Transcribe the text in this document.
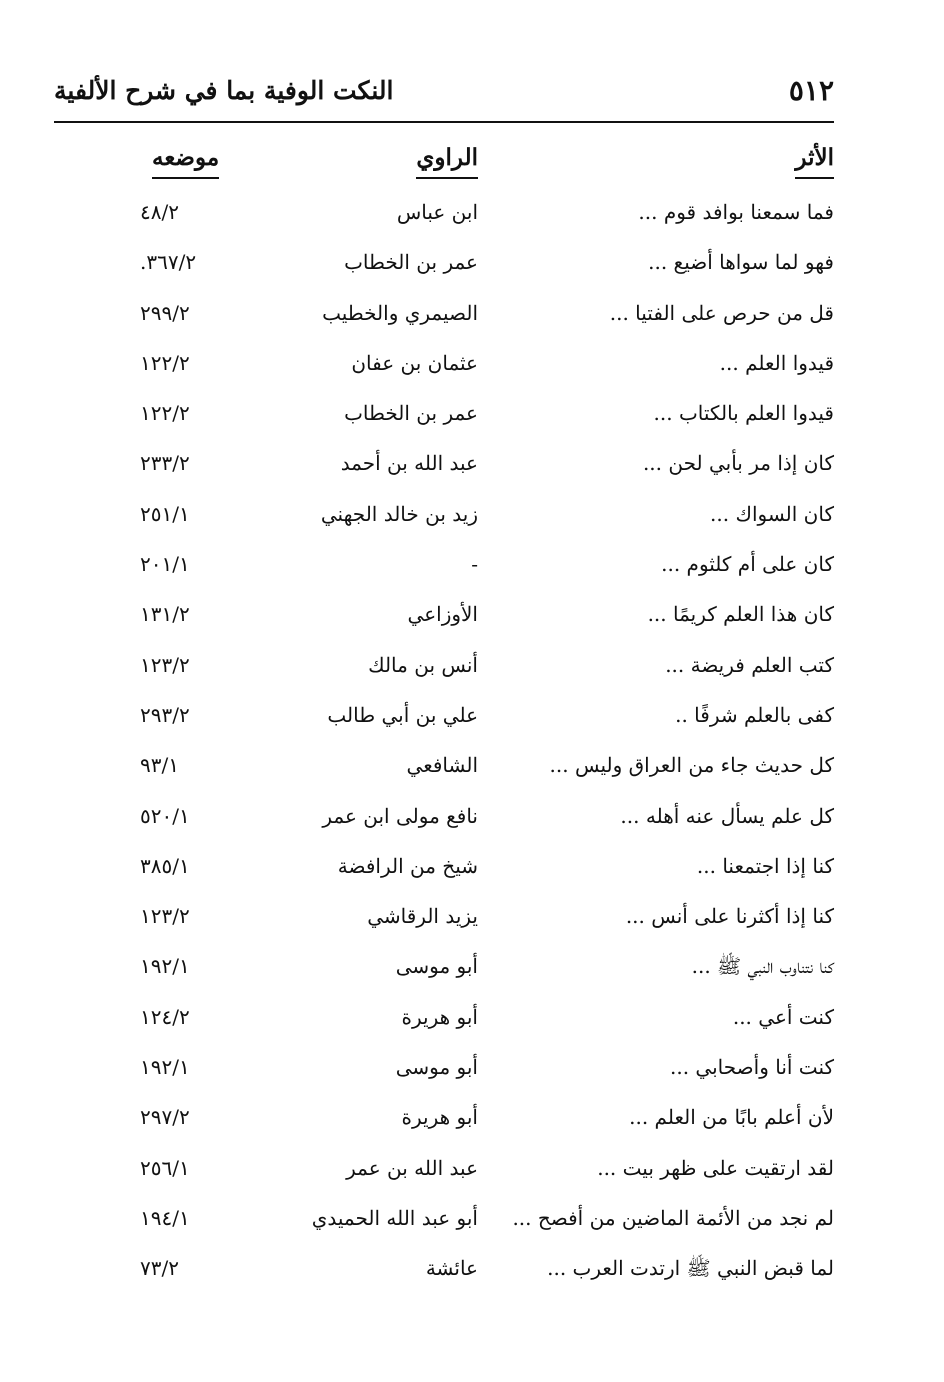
٥١٢
النكت الوفية بما في شرح الألفية
الأثر
الراوي
موضعه
فما سمعنا بوافد قوم ...
ابن عباس
٤٨/٢
فهو لما سواها أضيع ...
عمر بن الخطاب
٣٦٧/٢.
قل من حرص على الفتيا ...
الصيمري والخطيب
٢٩٩/٢
قيدوا العلم ...
عثمان بن عفان
١٢٢/٢
قيدوا العلم بالكتاب ...
عمر بن الخطاب
١٢٢/٢
كان إذا مر بأبي لحن ...
عبد الله بن أحمد
٢٣٣/٢
كان السواك ...
زيد بن خالد الجهني
٢٥١/١
كان على أم كلثوم ...
-
٢٠١/١
كان هذا العلم كريمًا ...
الأوزاعي
١٣١/٢
كتب العلم فريضة ...
أنس بن مالك
١٢٣/٢
كفى بالعلم شرفًا ..
علي بن أبي طالب
٢٩٣/٢
كل حديث جاء من العراق وليس ...
الشافعي
٩٣/١
كل علم يسأل عنه أهله ...
نافع مولى ابن عمر
٥٢٠/١
كنا إذا اجتمعنا ...
شيخ من الرافضة
٣٨٥/١
كنا إذا أكثرنا على أنس ...
يزيد الرقاشي
١٢٣/٢
كنا نتناوب النبي ﷺ ...
أبو موسى
١٩٢/١
كنت أعي ...
أبو هريرة
١٢٤/٢
كنت أنا وأصحابي ...
أبو موسى
١٩٢/١
لأن أعلم بابًا من العلم ...
أبو هريرة
٢٩٧/٢
لقد ارتقيت على ظهر بيت ...
عبد الله بن عمر
٢٥٦/١
لم نجد من الأئمة الماضين من أفصح ...
أبو عبد الله الحميدي
١٩٤/١
لما قبض النبي ﷺ ارتدت العرب ...
عائشة
٧٣/٢
